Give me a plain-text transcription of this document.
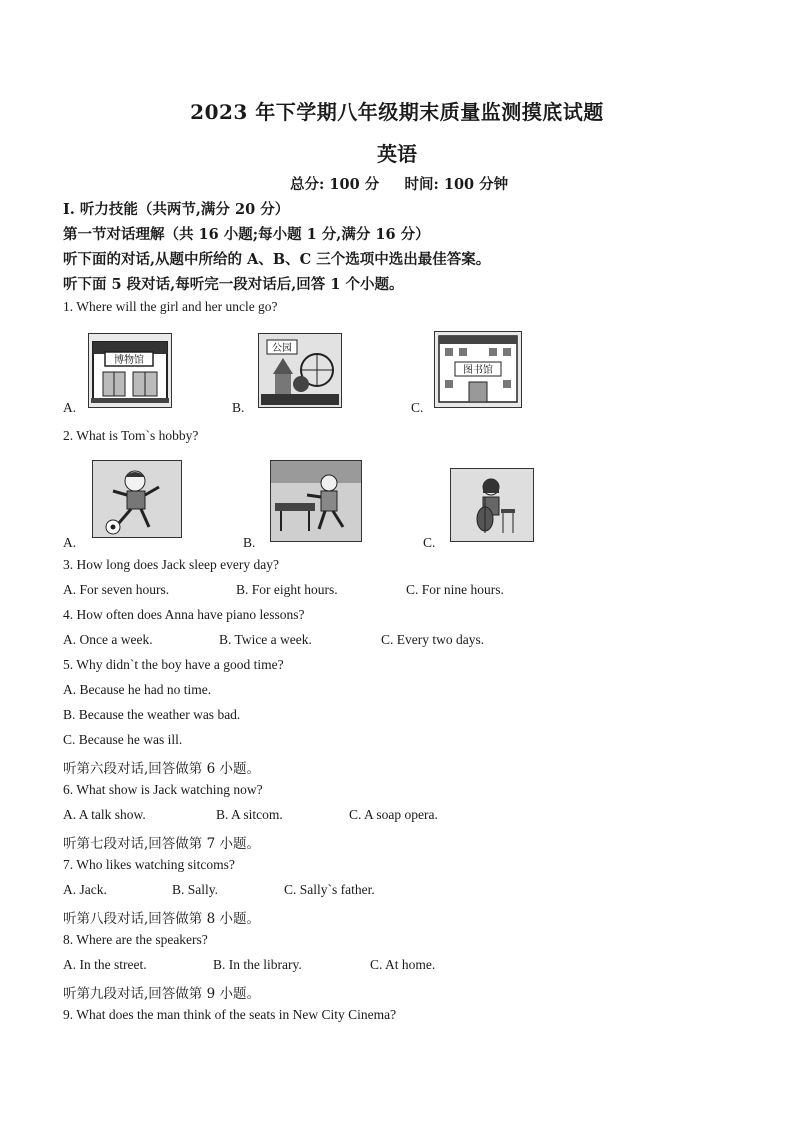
2023 年下学期八年级期末质量监测摸底试题
英语
总分: 100 分     时间: 100 分钟
Ⅰ. 听力技能（共两节,满分 20 分）
第一节对话理解（共 16 小题;每小题 1 分,满分 16 分）
听下面的对话,从题中所给的 A、B、C 三个选项中选出最佳答案。
听下面 5 段对话,每听完一段对话后,回答 1 个小题。
1. Where will the girl and her uncle go?
博物馆
公园
图书馆
A.	B.	C.
2. What is Tom`s hobby?
A.	B.	C.
3. How long does Jack sleep every day?
A. For seven hours.	B. For eight hours.	C. For nine hours.
4. How often does Anna have piano lessons?
A. Once a week.	B. Twice a week.	C. Every two days.
5. Why didn`t the boy have a good time?
A. Because he had no time.
B. Because the weather was bad.
C. Because he was ill.
听第六段对话,回答做第 6 小题。
6. What show is Jack watching now?
A. A talk show.	B. A sitcom.	C. A soap opera.
听第七段对话,回答做第 7 小题。
7. Who likes watching sitcoms?
A. Jack.	B. Sally.	C. Sally`s father.
听第八段对话,回答做第 8 小题。
8. Where are the speakers?
A. In the street.	B. In the library.	C. At home.
听第九段对话,回答做第 9 小题。
9. What does the man think of the seats in New City Cinema?
